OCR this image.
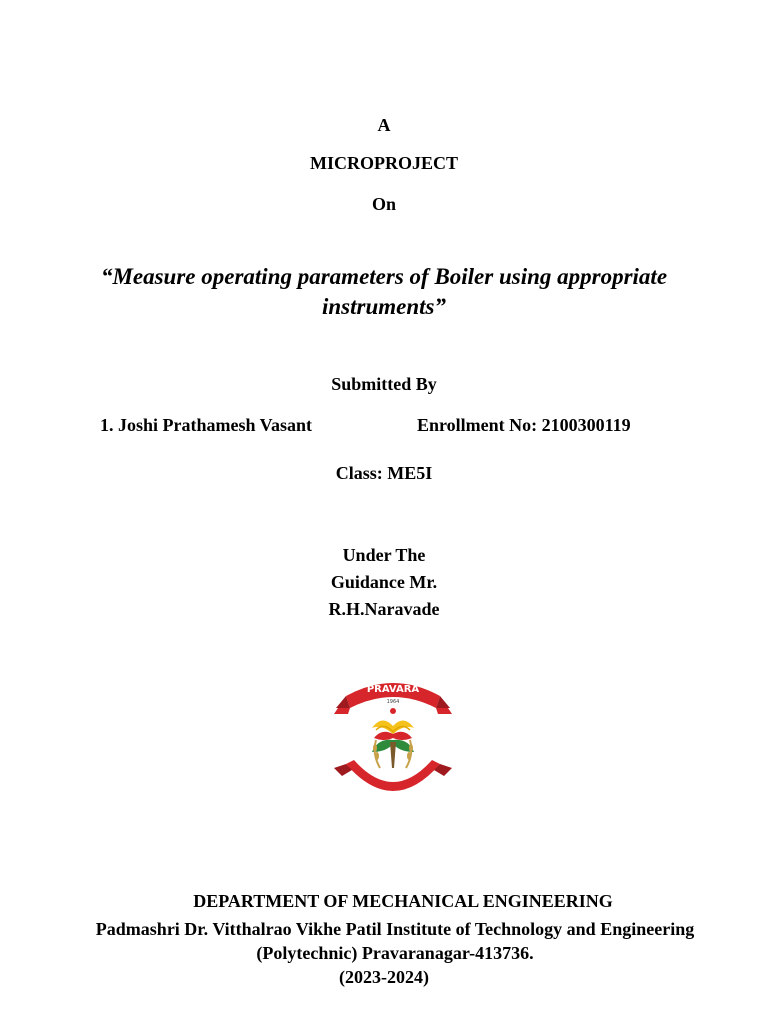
A
MICROPROJECT
On
“Measure operating parameters of Boiler using appropriate instruments”
Submitted By
1. Joshi Prathamesh Vasant	Enrollment No: 2100300119
Class: ME5I
Under The
Guidance Mr.
R.H.Naravade
PRAVARA
1964
DEPARTMENT OF MECHANICAL ENGINEERING
Padmashri Dr. Vitthalrao Vikhe Patil Institute of Technology and Engineering (Polytechnic) Pravaranagar-413736.
(2023-2024)
